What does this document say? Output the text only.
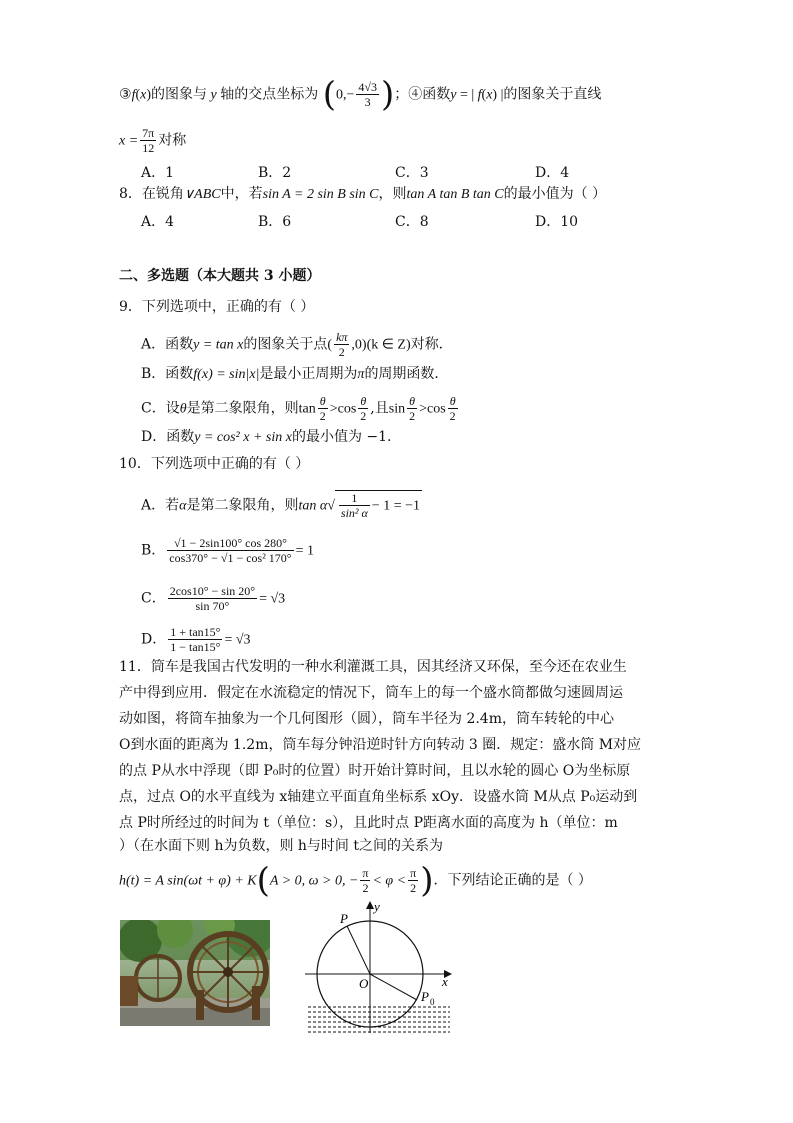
③f(x)的图象与 y 轴的交点坐标为 ($0,- \frac{4√3}{3}$ )；④函数y = | f(x) |的图象关于直线
$x = \frac{7\pi}{12}$ 对称
A．1	B．2	C．3	D．4
8．在锐角∨ABC中，若sin A = 2 sin B sin C，则tan A tan B tan C的最小值为（ ）
A．4	B．6	C．8	D．10
二、多选题（本大题共 3 小题）
9．下列选项中，正确的有（ ）
A．函数y = tan x的图象关于点( $\frac{k\pi}{2} ,0)(k$ ∈ Z)对称．
B．函数f(x) = sin|x|是最小正周期为π的周期函数．
C．设θ是第二象限角，则$\tan \frac{\theta}{2} >\cos \frac{\theta}{2}$ ,且$\sin \frac{\theta}{2} >\cos \frac{\theta}{2}$
D．函数y = cos² x + sin x的最小值为 −1.
10．下列选项中正确的有（ ）
A．若α是第二象限角，则$\tan \alpha√ \frac{1}{\text{sin² α}} - 1 = -1$
B． $\frac{√1 - 2\sin 100^\circ \cos 280^\circ}{\text{cos370° − √1 − cos² 170°}} = 1$
C． $\frac{2\cos 10^\circ - \sin 20^\circ}{\sin 70^\circ} = √3$
D． $\frac{1 + \tan 15^\circ}{1 - \tan 15^\circ} = √3$
11．筒车是我国古代发明的一种水利灌溉工具，因其经济又环保，至今还在农业生
产中得到应用．假定在水流稳定的情况下，筒车上的每一个盛水筒都做匀速圆周运
动如图，将筒车抽象为一个几何图形（圆），筒车半径为 2.4m，筒车转轮的中心
O到水面的距离为 1.2m，筒车每分钟沿逆时针方向转动 3 圈．规定：盛水筒 M对应
的点 P从水中浮现（即 P₀时的位置）时开始计算时间，且以水轮的圆心 O为坐标原
点，过点 O的水平直线为 x轴建立平面直角坐标系 xOy．设盛水筒 M从点 P₀运动到
点 P时所经过的时间为 t（单位：s），且此时点 P距离水面的高度为 h（单位：m
）（在水面下则 h为负数，则 h与时间 t之间的关系为
h(t) = A sin(ωt + φ) + K(A > 0, ω > 0, − $\frac{\pi}{2} < \varphi < \frac{\pi}{2}$ )．下列结论正确的是（ ）
y
x
O
P
P 0
